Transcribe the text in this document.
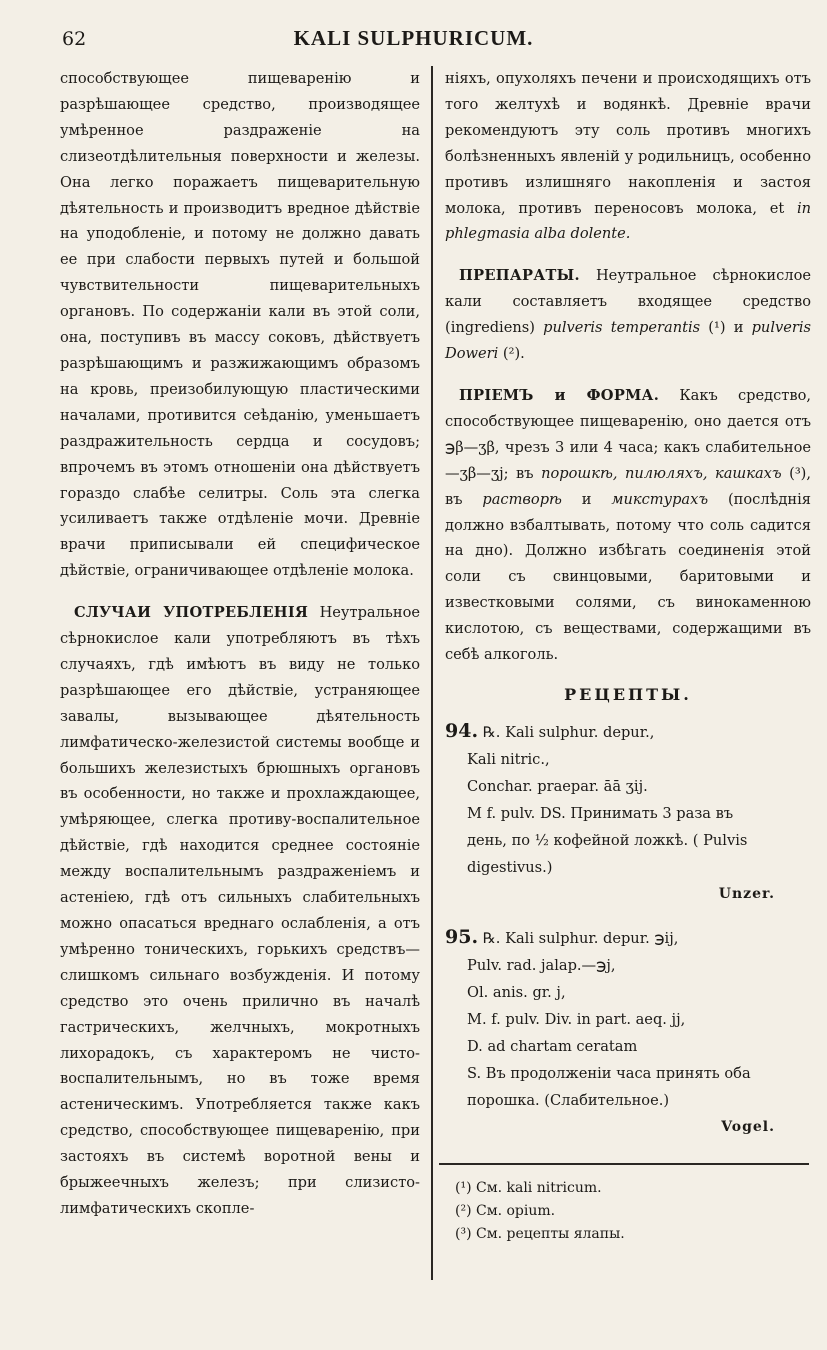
62	KALI SULPHURICUM.

способствующее пищеваренію и разрѣшающее средство, производящее умѣренное раздраженіе на слизеотдѣлительныя поверхности и железы. Она легко поражаетъ пищеварительную дѣятельность и производитъ вредное дѣйствіе на уподобленіе, и потому не должно давать ее при слабости первыхъ путей и большой чувствительности пищеварительныхъ органовъ. По содержаніи кали въ этой соли, она, поступивъ въ массу соковъ, дѣйствуетъ разрѣшающимъ и разжижающимъ образомъ на кровь, преизобилующую пластическими началами, противится сеѣданію, уменьшаетъ раздражительность сердца и сосудовъ; впрочемъ въ этомъ отношеніи она дѣйствуетъ гораздо слабѣе селитры. Соль эта слегка усиливаетъ также отдѣленіе мочи. Древніе врачи приписывали ей специфическое дѣйствіе, ограничивающее отдѣленіе молока.

СЛУЧАИ УПОТРЕБЛЕНІЯ Неутральное сѣрнокислое кали употребляютъ въ тѣхъ случаяхъ, гдѣ имѣютъ въ виду не только разрѣшающее его дѣйствіе, устраняющее завалы, вызывающее дѣятельность лимфатическо-железистой системы вообще и большихъ железистыхъ брюшныхъ органовъ въ особенности, но также и прохлаждающее, умѣряющее, слегка противу-воспалительное дѣйствіе, гдѣ находится среднее состояніе между воспалительнымъ раздраженіемъ и астеніею, гдѣ отъ сильныхъ слабительныхъ можно опасаться вреднаго ослабленія, а отъ умѣренно тоническихъ, горькихъ средствъ—слишкомъ сильнаго возбужденія. И потому средство это очень прилично въ началѣ гастрическихъ, желчныхъ, мокротныхъ лихорадокъ, съ характеромъ не чисто-воспалительнымъ, но въ тоже время астеническимъ. Употребляется также какъ средство, способствующее пищеваренію, при застояхъ въ системѣ воротной вены и брыжеечныхъ железъ; при слизисто-лимфатическихъ скопле-

ніяхъ, опухоляхъ печени и происходящихъ отъ того желтухѣ и водянкѣ. Древніе врачи рекомендуютъ эту соль противъ многихъ болѣзненныхъ явленій у родильницъ, особенно противъ излишняго накопленія и застоя молока, противъ переносовъ молока, et in phlegmasia alba dolente.

ПРЕПАРАТЫ. Неутральное сѣрнокислое кали составляетъ входящее средство (ingrediens) pulveris temperantis (¹) и pulveris Doweri (²).

ПРІЕМЪ и ФОРМА. Какъ средство, способствующее пищеваренію, оно дается отъ ℈β—ʒβ, чрезъ 3 или 4 часа; какъ слабительное—ʒβ—ʒj; въ порошкѣ, пилюляхъ, кашкахъ (³), въ растворѣ и микстурахъ (послѣднія должно взбалтывать, потому что соль садится на дно). Должно избѣгать соединенія этой соли съ свинцовыми, баритовыми и известковыми солями, съ винокаменною кислотою, съ веществами, содержащими въ себѣ алкоголь.

РЕЦЕПТЫ.
94. ℞. Kali sulphur. depur.,
Kali nitric.,
Conchar. praepar. āā ʒij.
M f. pulv. DS. Принимать 3 раза въ
день, по ½ кофейной ложкѣ. ( Pulvis
digestivus.)
Unzer.
95. ℞. Kali sulphur. depur. ℈ij,
Pulv. rad. jalap.—℈j,
Ol. anis. gr. j,
M. f. pulv. Div. in part. aeq. jj,
D. ad chartam ceratam
S. Въ продолженіи часа принять оба
порошка. (Слабительное.)
Vogel.
(¹) См. kali nitricum.
(²) См. opium.
(³) См. рецепты ялапы.
